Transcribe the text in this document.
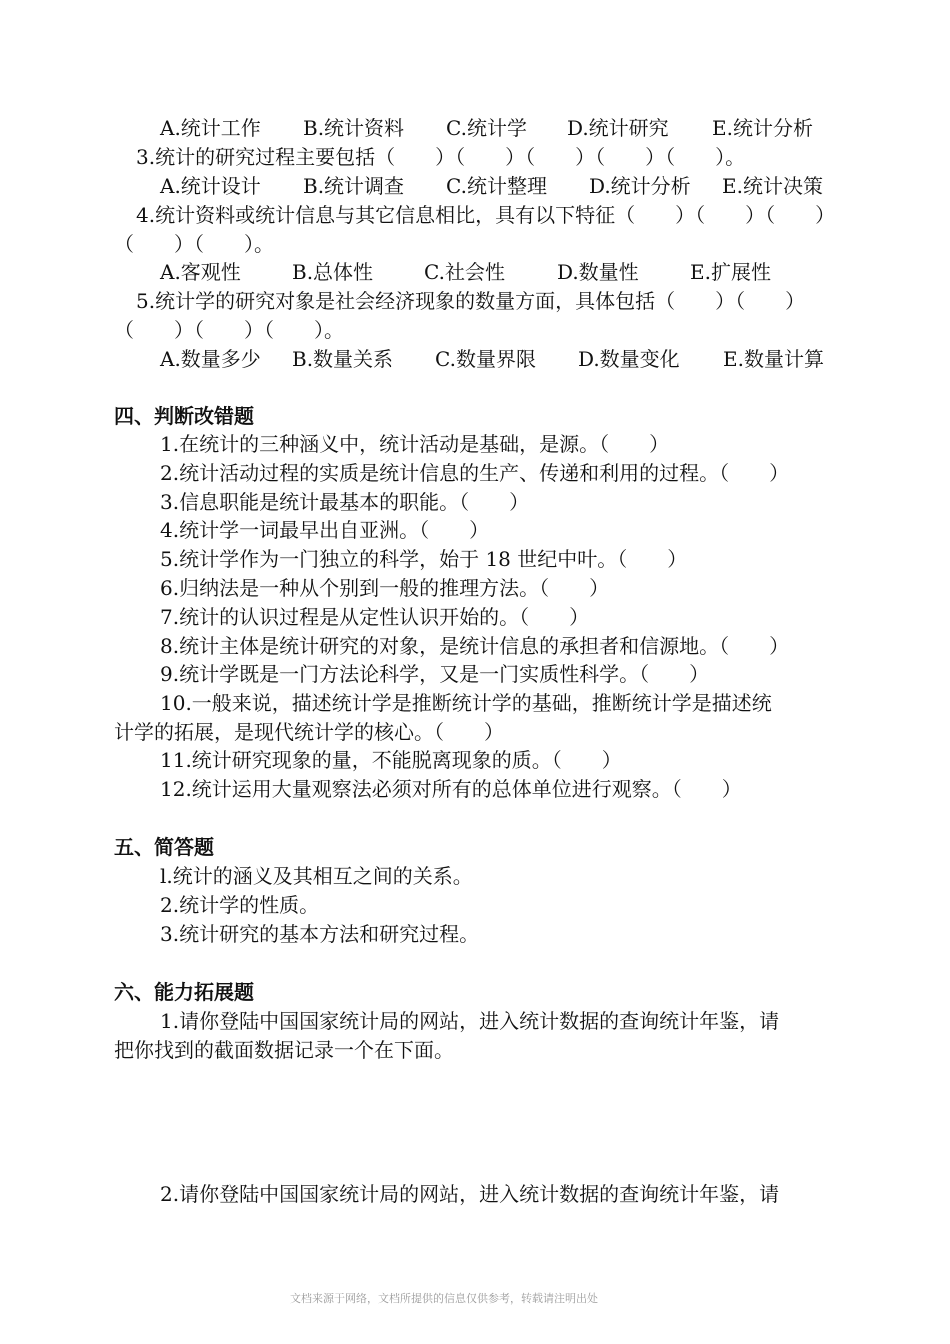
A.统计工作	B.统计资料	C.统计学	D.统计研究	E.统计分析
3.统计的研究过程主要包括（　　）（　　）（　　）（　　）（　　）。
A.统计设计	B.统计调查	C.统计整理	D.统计分析	E.统计决策
4.统计资料或统计信息与其它信息相比，具有以下特征（　　）（　　）（　　）
（　　）（　　）。
A.客观性	B.总体性	C.社会性	D.数量性	E.扩展性
5.统计学的研究对象是社会经济现象的数量方面，具体包括（　　）（　　）
（　　）（　　）（　　）。
A.数量多少	B.数量关系	C.数量界限	D.数量变化	E.数量计算
四、判断改错题
1.在统计的三种涵义中，统计活动是基础，是源。（　　）
2.统计活动过程的实质是统计信息的生产、传递和利用的过程。（　　）
3.信息职能是统计最基本的职能。（　　）
4.统计学一词最早出自亚洲。（　　）
5.统计学作为一门独立的科学，始于 18 世纪中叶。（　　）
6.归纳法是一种从个别到一般的推理方法。（　　）
7.统计的认识过程是从定性认识开始的。（　　）
8.统计主体是统计研究的对象，是统计信息的承担者和信源地。（　　）
9.统计学既是一门方法论科学，又是一门实质性科学。（　　）
10.一般来说，描述统计学是推断统计学的基础，推断统计学是描述统
计学的拓展，是现代统计学的核心。（　　）
11.统计研究现象的量，不能脱离现象的质。（　　）
12.统计运用大量观察法必须对所有的总体单位进行观察。（　　）
五、简答题
l.统计的涵义及其相互之间的关系。
2.统计学的性质。
3.统计研究的基本方法和研究过程。
六、能力拓展题
1.请你登陆中国国家统计局的网站，进入统计数据的查询统计年鉴，请
把你找到的截面数据记录一个在下面。
2.请你登陆中国国家统计局的网站，进入统计数据的查询统计年鉴，请
文档来源于网络，文档所提供的信息仅供参考，转载请注明出处
